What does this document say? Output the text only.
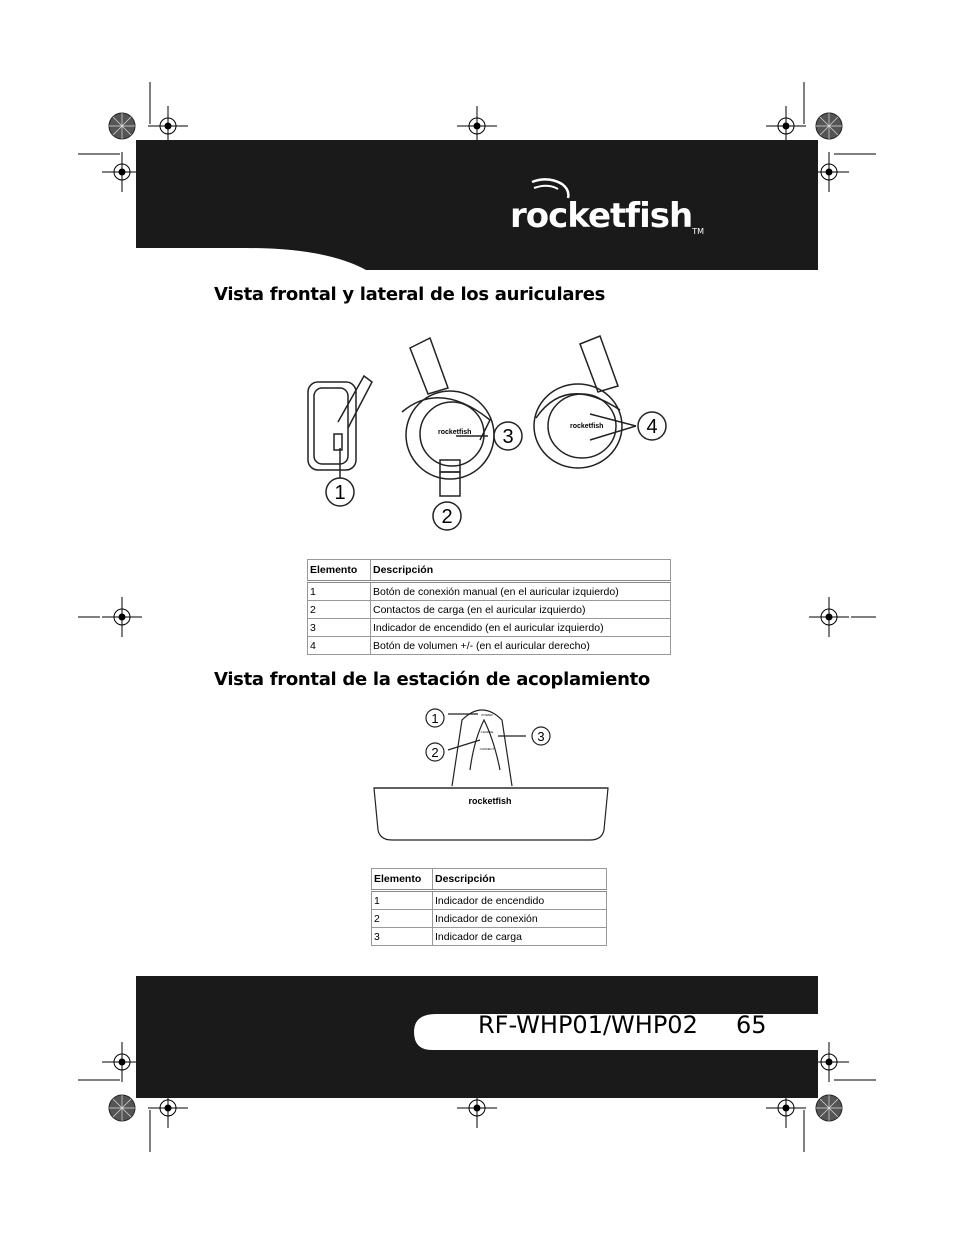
rocketfishTM
Vista frontal y lateral de los auriculares
1
2
3	4
rocketfish
rocketfish
Elemento	Descripción
1	Botón de conexión manual (en el auricular izquierdo)
2	Contactos de carga (en el auricular izquierdo)
3	Indicador de encendido (en el auricular izquierdo)
4	Botón de volumen +/- (en el auricular derecho)
Vista frontal de la estación de acoplamiento
1
2
3
POWER
CHARGE
CONNECT
rocketfish
Elemento	Descripción
1	Indicador de encendido
2	Indicador de conexión
3	Indicador de carga
RF-WHP01/WHP02 65
